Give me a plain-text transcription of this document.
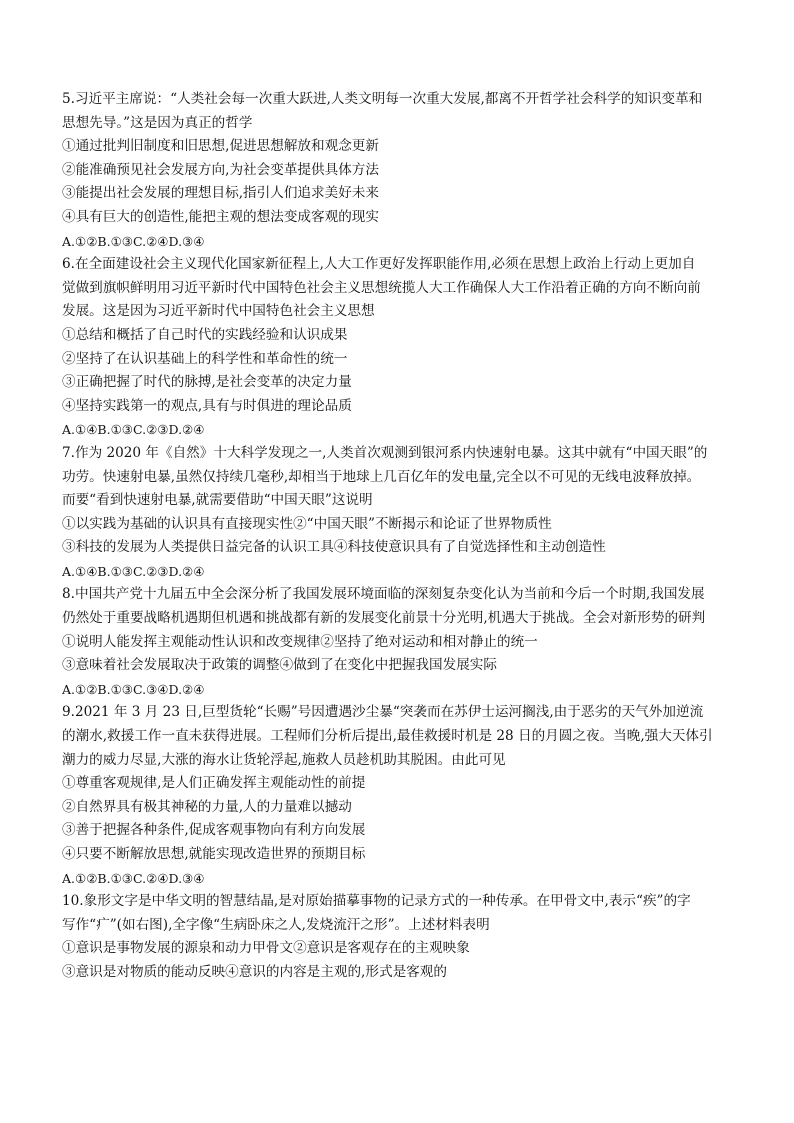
5.习近平主席说：“人类社会每一次重大跃进,人类文明每一次重大发展,都离不开哲学社会科学的知识变革和
思想先导。”这是因为真正的哲学
①通过批判旧制度和旧思想,促进思想解放和观念更新
②能准确预见社会发展方向,为社会变革提供具体方法
③能提出社会发展的理想目标,指引人们追求美好未来
④具有巨大的创造性,能把主观的想法变成客观的现实
A.①②B.①③C.②④D.③④
6.在全面建设社会主义现代化国家新征程上,人大工作更好发挥职能作用,必须在思想上政治上行动上更加自
觉做到旗帜鲜明用习近平新时代中国特色社会主义思想统揽人大工作确保人大工作沿着正确的方向不断向前
发展。这是因为习近平新时代中国特色社会主义思想
①总结和概括了自己时代的实践经验和认识成果
②坚持了在认识基础上的科学性和革命性的统一
③正确把握了时代的脉搏,是社会变革的决定力量
④坚持实践第一的观点,具有与时俱进的理论品质
A.①④B.①③C.②③D.②④
7.作为 2020 年《自然》十大科学发现之一,人类首次观测到银河系内快速射电暴。这其中就有“中国天眼”的
功劳。快速射电暴,虽然仅持续几毫秒,却相当于地球上几百亿年的发电量,完全以不可见的无线电波释放掉。
而要“看到快速射电暴,就需要借助“中国天眼”这说明
①以实践为基础的认识具有直接现实性②“中国天眼”不断揭示和论证了世界物质性
③科技的发展为人类提供日益完备的认识工具④科技使意识具有了自觉选择性和主动创造性
A.①④B.①③C.②③D.②④
8.中国共产党十九届五中全会深分析了我国发展环境面临的深刻复杂变化认为当前和今后一个时期,我国发展
仍然处于重要战略机遇期但机遇和挑战都有新的发展变化前景十分光明,机遇大于挑战。全会对新形势的研判
①说明人能发挥主观能动性认识和改变规律②坚持了绝对运动和相对静止的统一
③意味着社会发展取决于政策的调整④做到了在变化中把握我国发展实际
A.①②B.①③C.③④D.②④
9.2021 年 3 月 23 日,巨型货轮“长赐”号因遭遇沙尘暴“突袭而在苏伊士运河搁浅,由于恶劣的天气外加逆流
的潮水,救援工作一直未获得进展。工程师们分析后提出,最佳救援时机是 28 日的月圆之夜。当晚,强大天体引
潮力的威力尽显,大涨的海水让货轮浮起,施救人员趁机助其脱困。由此可见
①尊重客观规律,是人们正确发挥主观能动性的前提
②自然界具有极其神秘的力量,人的力量难以撼动
③善于把握各种条件,促成客观事物向有利方向发展
④只要不断解放思想,就能实现改造世界的预期目标
A.①②B.①③C.②④D.③④
10.象形文字是中华文明的智慧结晶,是对原始描摹事物的记录方式的一种传承。在甲骨文中,表示“疾”的字
写作“疒”(如右图),全字像“生病卧床之人,发烧流汗之形”。上述材料表明
①意识是事物发展的源泉和动力甲骨文②意识是客观存在的主观映象
③意识是对物质的能动反映④意识的内容是主观的,形式是客观的
